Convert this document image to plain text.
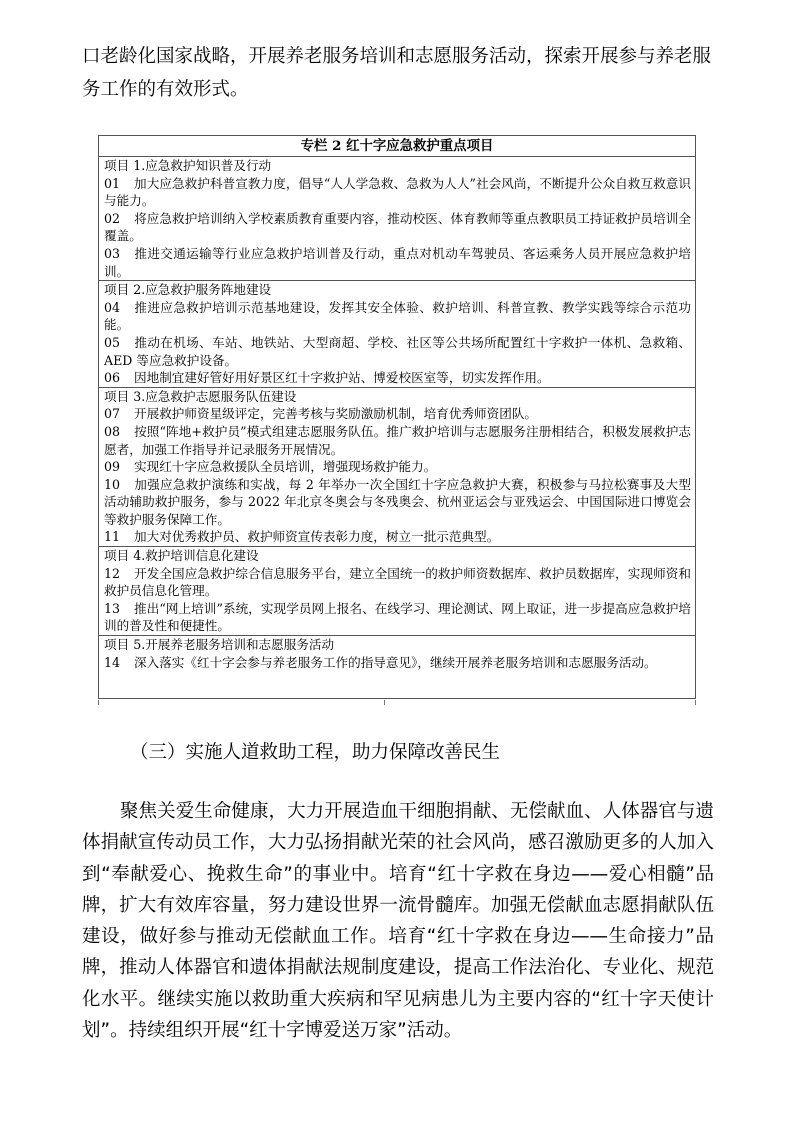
口老龄化国家战略，开展养老服务培训和志愿服务活动，探索开展参与养老服务工作的有效形式。

专栏 2 红十字应急救护重点项目
项目 1.应急救护知识普及行动
01 加大应急救护科普宣教力度，倡导“人人学急救、急救为人人”社会风尚，不断提升公众自救互救意识与能力。
02 将应急救护培训纳入学校素质教育重要内容，推动校医、体育教师等重点教职员工持证救护员培训全覆盖。
03 推进交通运输等行业应急救护培训普及行动，重点对机动车驾驶员、客运乘务人员开展应急救护培训。
项目 2.应急救护服务阵地建设
04 推进应急救护培训示范基地建设，发挥其安全体验、救护培训、科普宣教、教学实践等综合示范功能。
05 推动在机场、车站、地铁站、大型商超、学校、社区等公共场所配置红十字救护一体机、急救箱、AED 等应急救护设备。
06 因地制宜建好管好用好景区红十字救护站、博爱校医室等，切实发挥作用。
项目 3.应急救护志愿服务队伍建设
07 开展救护师资星级评定，完善考核与奖励激励机制，培育优秀师资团队。
08 按照“阵地+救护员”模式组建志愿服务队伍。推广救护培训与志愿服务注册相结合，积极发展救护志愿者，加强工作指导并记录服务开展情况。
09 实现红十字应急救援队全员培训，增强现场救护能力。
10 加强应急救护演练和实战，每 2 年举办一次全国红十字应急救护大赛，积极参与马拉松赛事及大型活动辅助救护服务，参与 2022 年北京冬奥会与冬残奥会、杭州亚运会与亚残运会、中国国际进口博览会等救护服务保障工作。
11 加大对优秀救护员、救护师资宣传表彰力度，树立一批示范典型。
项目 4.救护培训信息化建设
12 开发全国应急救护综合信息服务平台，建立全国统一的救护师资数据库、救护员数据库，实现师资和救护员信息化管理。
13 推出“网上培训”系统，实现学员网上报名、在线学习、理论测试、网上取证，进一步提高应急救护培训的普及性和便捷性。
项目 5.开展养老服务培训和志愿服务活动
14 深入落实《红十字会参与养老服务工作的指导意见》，继续开展养老服务培训和志愿服务活动。
（三）实施人道救助工程，助力保障改善民生

聚焦关爱生命健康，大力开展造血干细胞捐献、无偿献血、人体器官与遗体捐献宣传动员工作，大力弘扬捐献光荣的社会风尚，感召激励更多的人加入到“奉献爱心、挽救生命”的事业中。培育“红十字救在身边——爱心相髓”品牌，扩大有效库容量，努力建设世界一流骨髓库。加强无偿献血志愿捐献队伍建设，做好参与推动无偿献血工作。培育“红十字救在身边——生命接力”品牌，推动人体器官和遗体捐献法规制度建设，提高工作法治化、专业化、规范化水平。继续实施以救助重大疾病和罕见病患儿为主要内容的“红十字天使计划”。持续组织开展“红十字博爱送万家”活动。
